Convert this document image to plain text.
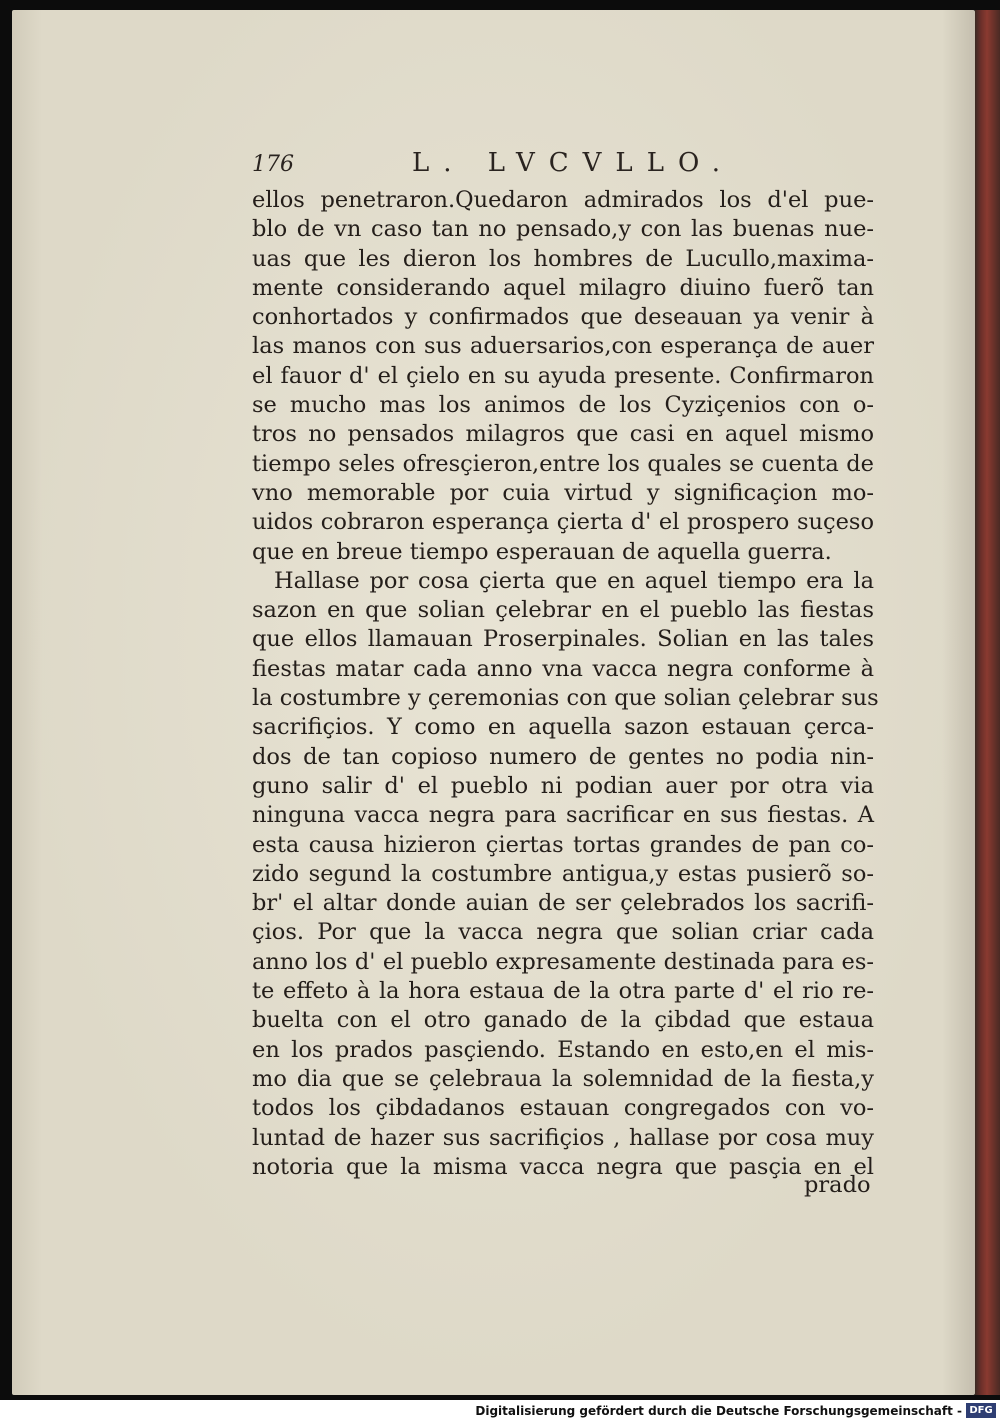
176	L. LVCVLLO.
ellos penetraron.Quedaron admirados los d'el pue-
blo de vn caso tan no pensado,y con las buenas nue-
uas que les dieron los hombres de Lucullo,maxima-
mente considerando aquel milagro diuino fuerõ tan
conhortados y confirmados que deseauan ya venir à
las manos con sus aduersarios,con esperança de auer
el fauor d' el çielo en su ayuda presente. Confirmaron
se mucho mas los animos de los Cyziçenios con o-
tros no pensados milagros que casi en aquel mismo
tiempo seles ofresçieron,entre los quales se cuenta de
vno memorable por cuia virtud y significaçion mo-
uidos cobraron esperança çierta d' el prospero suçeso
que en breue tiempo esperauan de aquella guerra.
Hallase por cosa çierta que en aquel tiempo era la
sazon en que solian çelebrar en el pueblo las fiestas
que ellos llamauan Proserpinales. Solian en las tales
fiestas matar cada anno vna vacca negra conforme à
la costumbre y çeremonias con que solian çelebrar sus
sacrifiçios. Y como en aquella sazon estauan çerca-
dos de tan copioso numero de gentes no podia nin-
guno salir d' el pueblo ni podian auer por otra via
ninguna vacca negra para sacrificar en sus fiestas. A
esta causa hizieron çiertas tortas grandes de pan co-
zido segund la costumbre antigua,y estas pusierõ so-
br' el altar donde auian de ser çelebrados los sacrifi-
çios. Por que la vacca negra que solian criar cada
anno los d' el pueblo expresamente destinada para es-
te effeto à la hora estaua de la otra parte d' el rio re-
buelta con el otro ganado de la çibdad que estaua
en los prados pasçiendo. Estando en esto,en el mis-
mo dia que se çelebraua la solemnidad de la fiesta,y
todos los çibdadanos estauan congregados con vo-
luntad de hazer sus sacrifiçios , hallase por cosa muy
notoria que la misma vacca negra que pasçia en el
prado
Digitalisierung gefördert durch die Deutsche Forschungsgemeinschaft - DFG
